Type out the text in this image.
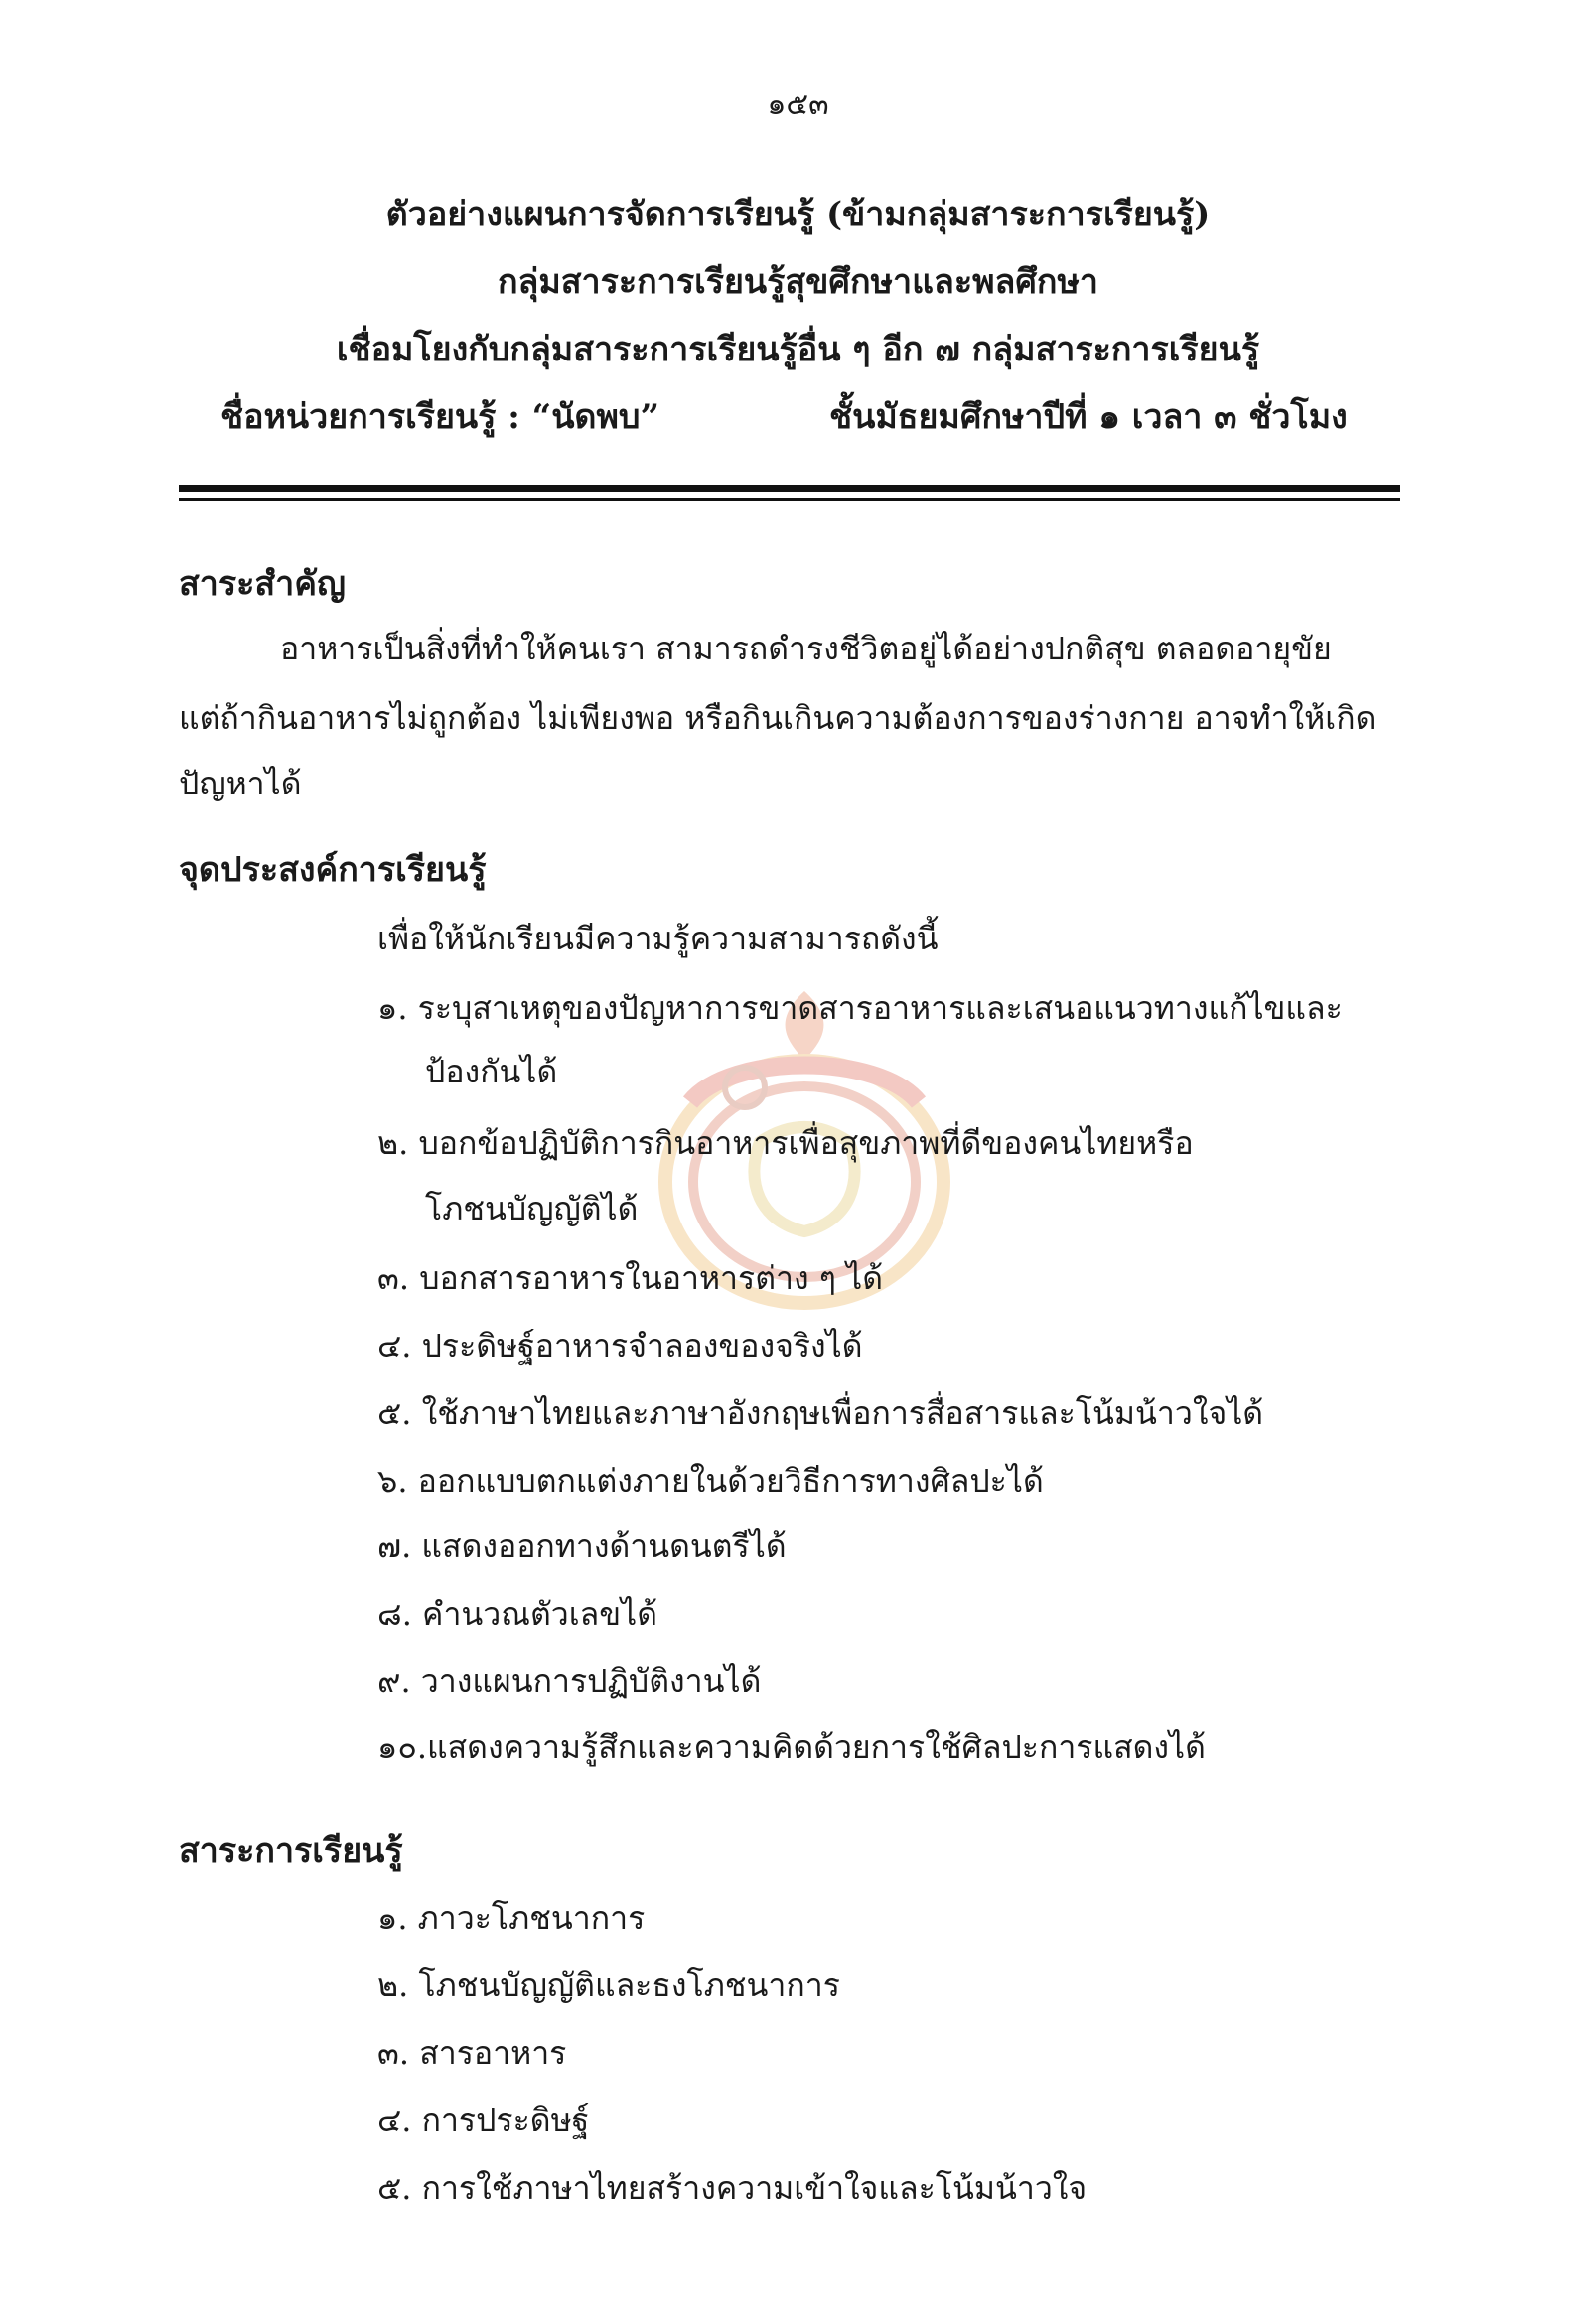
๑๕๓
ตัวอย่างแผนการจัดการเรียนรู้ (ข้ามกลุ่มสาระการเรียนรู้)
กลุ่มสาระการเรียนรู้สุขศึกษาและพลศึกษา
เชื่อมโยงกับกลุ่มสาระการเรียนรู้อื่น ๆ อีก ๗ กลุ่มสาระการเรียนรู้
ชื่อหน่วยการเรียนรู้ : “นัดพบ”	ชั้นมัธยมศึกษาปีที่ ๑ เวลา ๓ ชั่วโมง
สาระสำคัญ
อาหารเป็นสิ่งที่ทำให้คนเรา สามารถดำรงชีวิตอยู่ได้อย่างปกติสุข ตลอดอายุขัย
แต่ถ้ากินอาหารไม่ถูกต้อง ไม่เพียงพอ หรือกินเกินความต้องการของร่างกาย อาจทำให้เกิด
ปัญหาได้
จุดประสงค์การเรียนรู้
เพื่อให้นักเรียนมีความรู้ความสามารถดังนี้
๑. ระบุสาเหตุของปัญหาการขาดสารอาหารและเสนอแนวทางแก้ไขและ
ป้องกันได้
๒. บอกข้อปฏิบัติการกินอาหารเพื่อสุขภาพที่ดีของคนไทยหรือ
โภชนบัญญัติได้
๓. บอกสารอาหารในอาหารต่าง ๆ ได้
๔. ประดิษฐ์อาหารจำลองของจริงได้
๕. ใช้ภาษาไทยและภาษาอังกฤษเพื่อการสื่อสารและโน้มน้าวใจได้
๖. ออกแบบตกแต่งภายในด้วยวิธีการทางศิลปะได้
๗. แสดงออกทางด้านดนตรีได้
๘. คำนวณตัวเลขได้
๙. วางแผนการปฏิบัติงานได้
๑๐.แสดงความรู้สึกและความคิดด้วยการใช้ศิลปะการแสดงได้
สาระการเรียนรู้
๑. ภาวะโภชนาการ
๒. โภชนบัญญัติและธงโภชนาการ
๓. สารอาหาร
๔. การประดิษฐ์
๕. การใช้ภาษาไทยสร้างความเข้าใจและโน้มน้าวใจ
